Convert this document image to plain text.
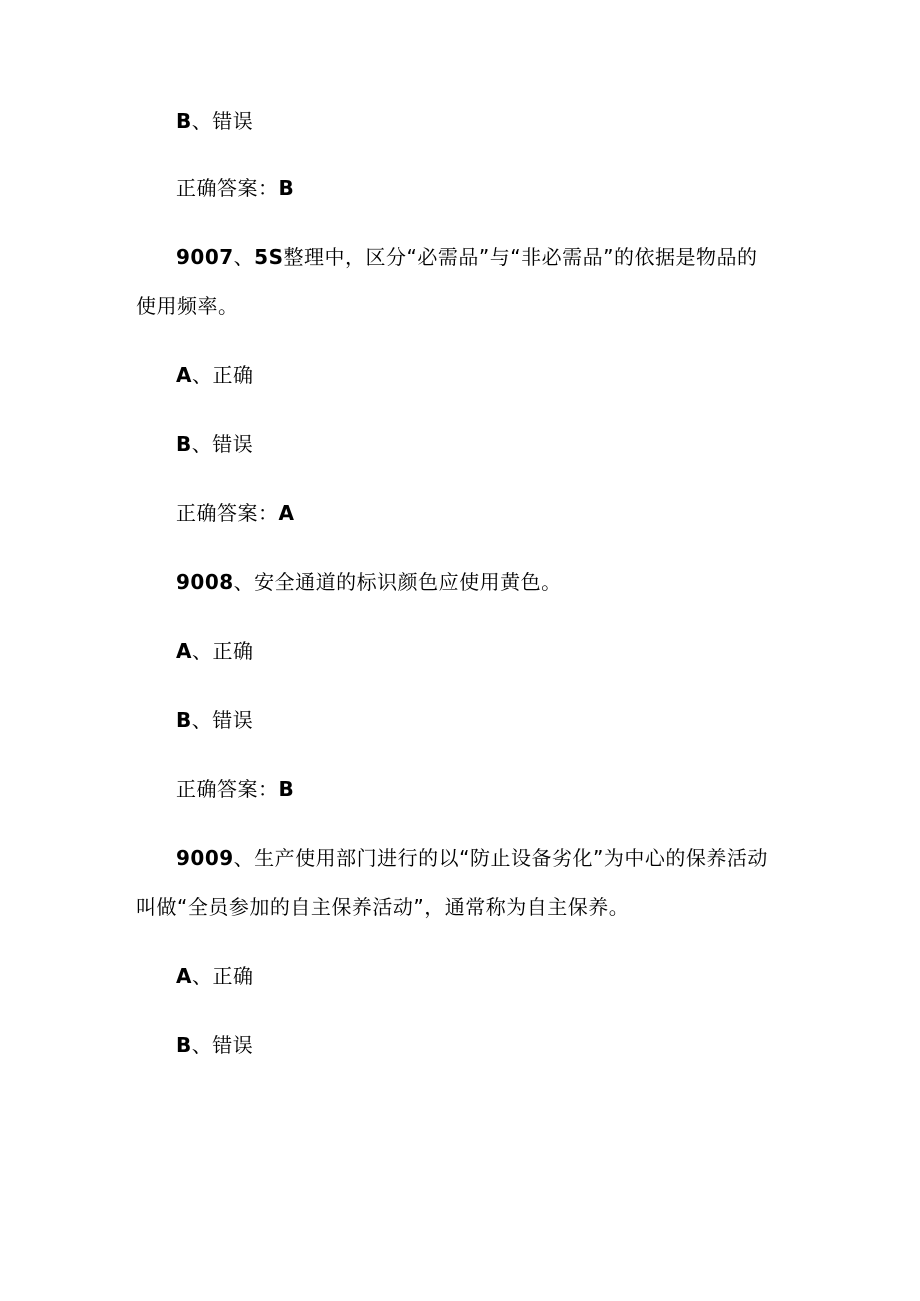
B、错误
正确答案：B
9007、5S整理中，区分“必需品”与“非必需品”的依据是物品的
使用频率。
A、正确
B、错误
正确答案：A
9008、安全通道的标识颜色应使用黄色。
A、正确
B、错误
正确答案：B
9009、生产使用部门进行的以“防止设备劣化”为中心的保养活动
叫做“全员参加的自主保养活动”，通常称为自主保养。
A、正确
B、错误
